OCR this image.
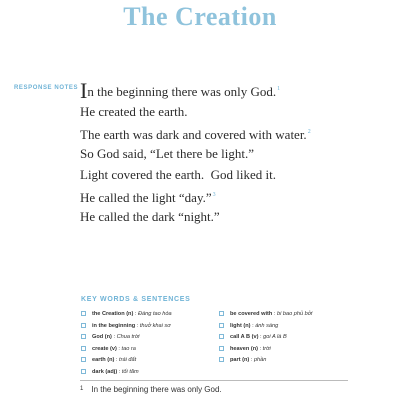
The Creation
RESPONSE NOTES In the beginning there was only God.$^1$
He created the earth.
The earth was dark and covered with water.$^2$
So God said, “Let there be light.”
Light covered the earth.  God liked it.
He called the light “day.”$^3$
He called the dark “night.”
KEY WORDS & SENTENCES
the Creation (n) : Đáng tao hóa
in the beginning : thuở khai sơ
God (n) : Chua trời
create (v) : tao ra
earth (n) : trái đất
dark (adj) : tối tăm
be covered with : bi bao phủ bởi
light (n) : ánh sáng
call A B (v) : goi A là B
heaven (n) : trời
part (n) : phần
$^1$ In the beginning there was only God.
